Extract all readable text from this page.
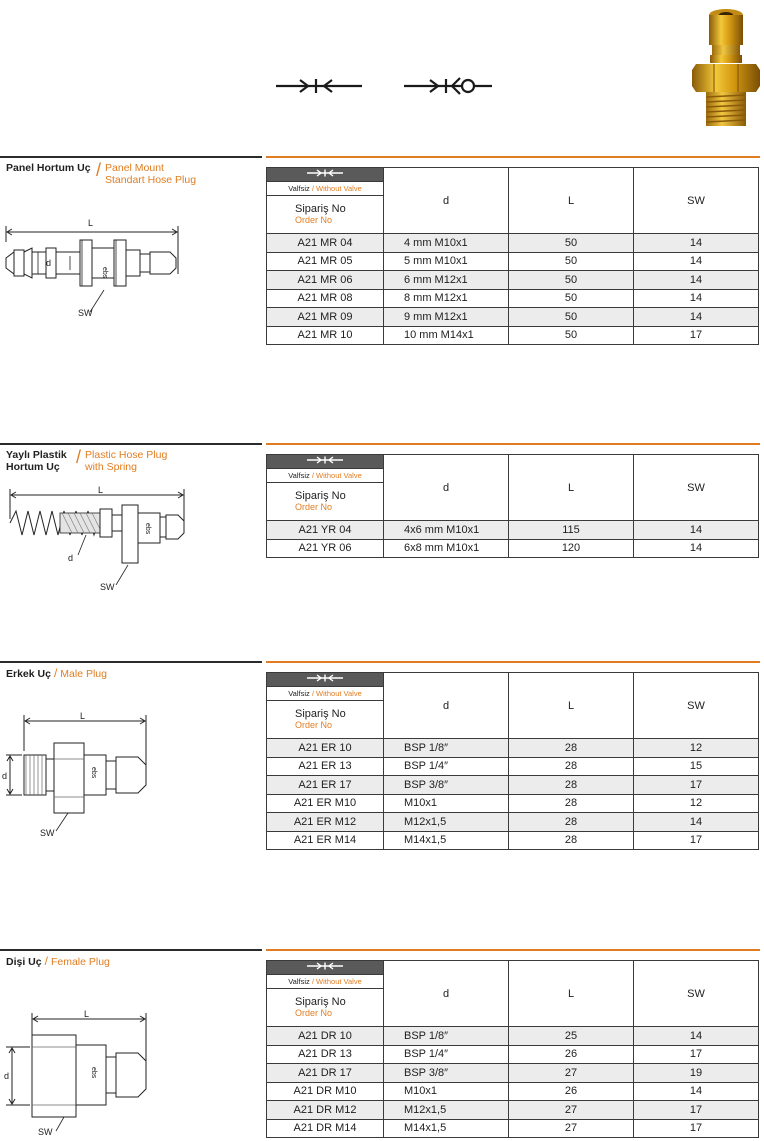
Panel Hortum Uç / Panel Mount
Standart Hose Plug
L
ebs
d
SW
	d	L	SW
Valfsiz / Without Valve			
Sipariş No
Order No			

A21 MR 04	4 mm M10x1	50	14
A21 MR 05	5 mm M10x1	50	14
A21 MR 06	6 mm M12x1	50	14
A21 MR 08	8 mm M12x1	50	14
A21 MR 09	9 mm M12x1	50	14
A21 MR 10	10 mm M14x1	50	17
Yaylı Plastik
Hortum Uç / Plastic Hose Plug
with Spring
L
ebs
d
SW
	d	L	SW
Valfsiz / Without Valve			
Sipariş No
Order No			

A21 YR 04	4x6 mm M10x1	115	14
A21 YR 06	6x8 mm M10x1	120	14
Erkek Uç / Male Plug
L
ebs
d
SW
	d	L	SW
Valfsiz / Without Valve			
Sipariş No
Order No			

A21 ER 10	BSP 1/8″	28	12
A21 ER 13	BSP 1/4″	28	15
A21 ER 17	BSP 3/8″	28	17
A21 ER M10	M10x1	28	12
A21 ER M12	M12x1,5	28	14
A21 ER M14	M14x1,5	28	17
Dişi Uç / Female Plug
L
ebs
d
SW
	d	L	SW
Valfsiz / Without Valve			
Sipariş No
Order No			

A21 DR 10	BSP 1/8″	25	14
A21 DR 13	BSP 1/4″	26	17
A21 DR 17	BSP 3/8″	27	19
A21 DR M10	M10x1	26	14
A21 DR M12	M12x1,5	27	17
A21 DR M14	M14x1,5	27	17
